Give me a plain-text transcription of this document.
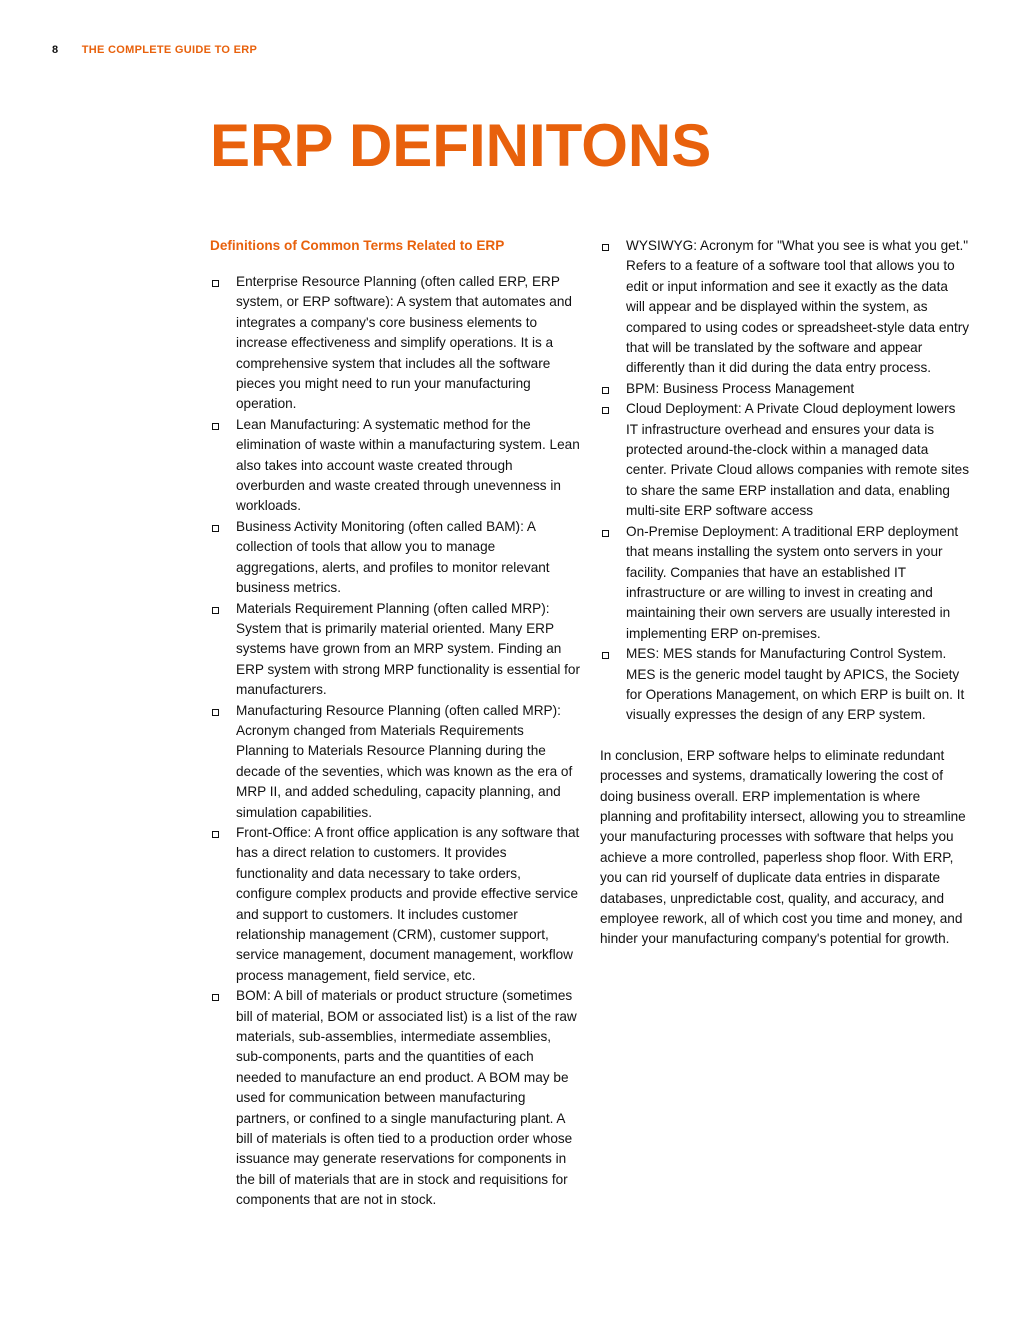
8 THE COMPLETE GUIDE TO ERP
ERP DEFINITONS
Definitions of Common Terms Related to ERP
Enterprise Resource Planning (often called ERP, ERP system, or ERP software): A system that automates and integrates a company's core business elements to increase effectiveness and simplify operations. It is a comprehensive system that includes all the software pieces you might need to run your manufacturing operation.
Lean Manufacturing: A systematic method for the elimination of waste within a manufacturing system. Lean also takes into account waste created through overburden and waste created through unevenness in workloads.
Business Activity Monitoring (often called BAM): A collection of tools that allow you to manage aggregations, alerts, and profiles to monitor relevant business metrics.
Materials Requirement Planning (often called MRP): System that is primarily material oriented. Many ERP systems have grown from an MRP system. Finding an ERP system with strong MRP functionality is essential for manufacturers.
Manufacturing Resource Planning (often called MRP): Acronym changed from Materials Requirements Planning to Materials Resource Planning during the decade of the seventies, which was known as the era of MRP II, and added scheduling, capacity planning, and simulation capabilities.
Front-Office: A front office application is any software that has a direct relation to customers. It provides functionality and data necessary to take orders, configure complex products and provide effective service and support to customers. It includes customer relationship management (CRM), customer support, service management, document management, workflow process management, field service, etc.
BOM: A bill of materials or product structure (sometimes bill of material, BOM or associated list) is a list of the raw materials, sub-assemblies, intermediate assemblies, sub-components, parts and the quantities of each needed to manufacture an end product. A BOM may be used for communication between manufacturing partners, or confined to a single manufacturing plant. A bill of materials is often tied to a production order whose issuance may generate reservations for components in the bill of materials that are in stock and requisitions for components that are not in stock.
WYSIWYG: Acronym for "What you see is what you get." Refers to a feature of a software tool that allows you to edit or input information and see it exactly as the data will appear and be displayed within the system, as compared to using codes or spreadsheet-style data entry that will be translated by the software and appear differently than it did during the data entry process.
BPM: Business Process Management
Cloud Deployment: A Private Cloud deployment lowers IT infrastructure overhead and ensures your data is protected around-the-clock within a managed data center. Private Cloud allows companies with remote sites to share the same ERP installation and data, enabling multi-site ERP software access
On-Premise Deployment: A traditional ERP deployment that means installing the system onto servers in your facility. Companies that have an established IT infrastructure or are willing to invest in creating and maintaining their own servers are usually interested in implementing ERP on-premises.
MES: MES stands for Manufacturing Control System. MES is the generic model taught by APICS, the Society for Operations Management, on which ERP is built on. It visually expresses the design of any ERP system.

In conclusion, ERP software helps to eliminate redundant processes and systems, dramatically lowering the cost of doing business overall. ERP implementation is where planning and profitability intersect, allowing you to streamline your manufacturing processes with software that helps you achieve a more controlled, paperless shop floor. With ERP, you can rid yourself of duplicate data entries in disparate databases, unpredictable cost, quality, and accuracy, and employee rework, all of which cost you time and money, and hinder your manufacturing company's potential for growth.
